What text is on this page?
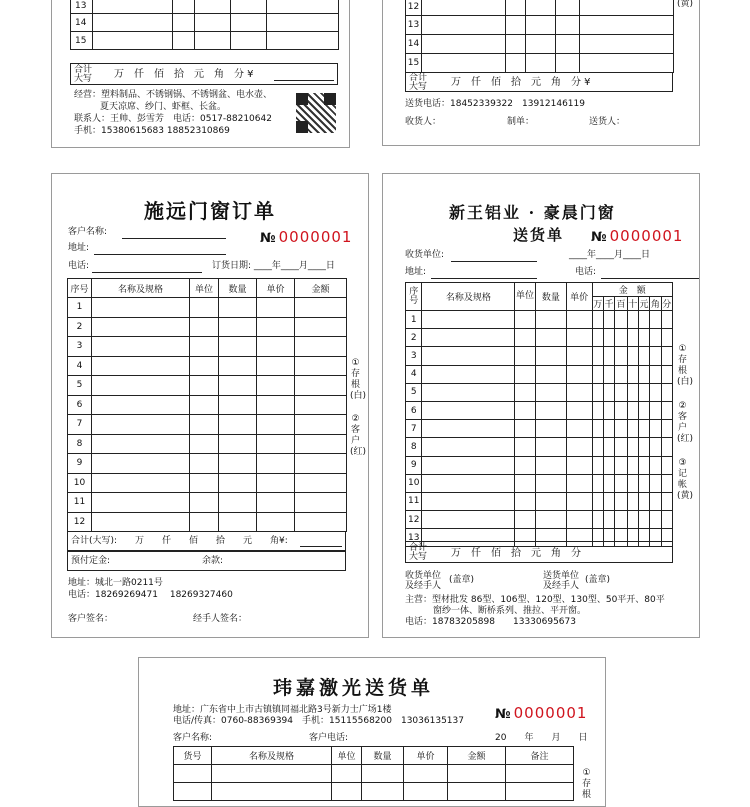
13					
14					
15					
合计
大写 万　仟　佰　拾　元　角　分 ¥
经营：塑料制品、不锈钢锅、不锈钢盆、电水壶、
夏天凉席、纱门、虾框、长盆。
联系人：王帅、彭雪芳　电话：0517-88210642
手机：15380615683 18852310869
12					
13					
14					
15					
合计
大写 万　仟　佰　拾　元　角　分 ¥
(黄)
送货电话：18452339322　13912146119
收货人：	制单：	送货人：
施远门窗订单
客户名称:
地址:
№ 0000001
电话:	订货日期: ____年____月____日
序号	名称及规格	单位	数量	单价	金额
1					
2					
3					
4					
5					
6					
7					
8					
9					
10					
11					
12					
合计(大写):　　万　　仟　　佰　　拾　　元　　角¥:
预付定金:	余款:
①存根(白)
②客户(红)
地址：城北一路0211号
电话：18269269471　 18269327460
客户签名：	经手人签名：
新王铝业 · 豪晨门窗
送货单 № 0000001
收货单位:	____年____月____日
地址:	电话:
序号	名称及规格	单位	数量	单价	金　额						
					万	千	百	十	元	角	分
1											
2											
3											
4											
5											
6											
7											
8											
9											
10											
11											
12											
13											
合计
大写 万　仟　佰　拾　元　角　分
①存根(白)
②客户(红)
③记帐(黄)
收货单位
及经手人
(盖章)	送货单位
及经手人
(盖章)
主营：型材批发 86型、106型、120型、130型、50平开、80平
窗纱一体、断桥系列、推拉、平开窗。
电话：18783205898　　13330695673
玮嘉激光送货单
地址：广东省中上市古镇镇同福北路3号新力士广场1楼
电话/传真：0760-88369394　手机：15115568200　13036135137 № 0000001
客户名称:	客户电话:	20　　年　　月　　日
货号	名称及规格	单位	数量	单价	金额	备注

①存根
